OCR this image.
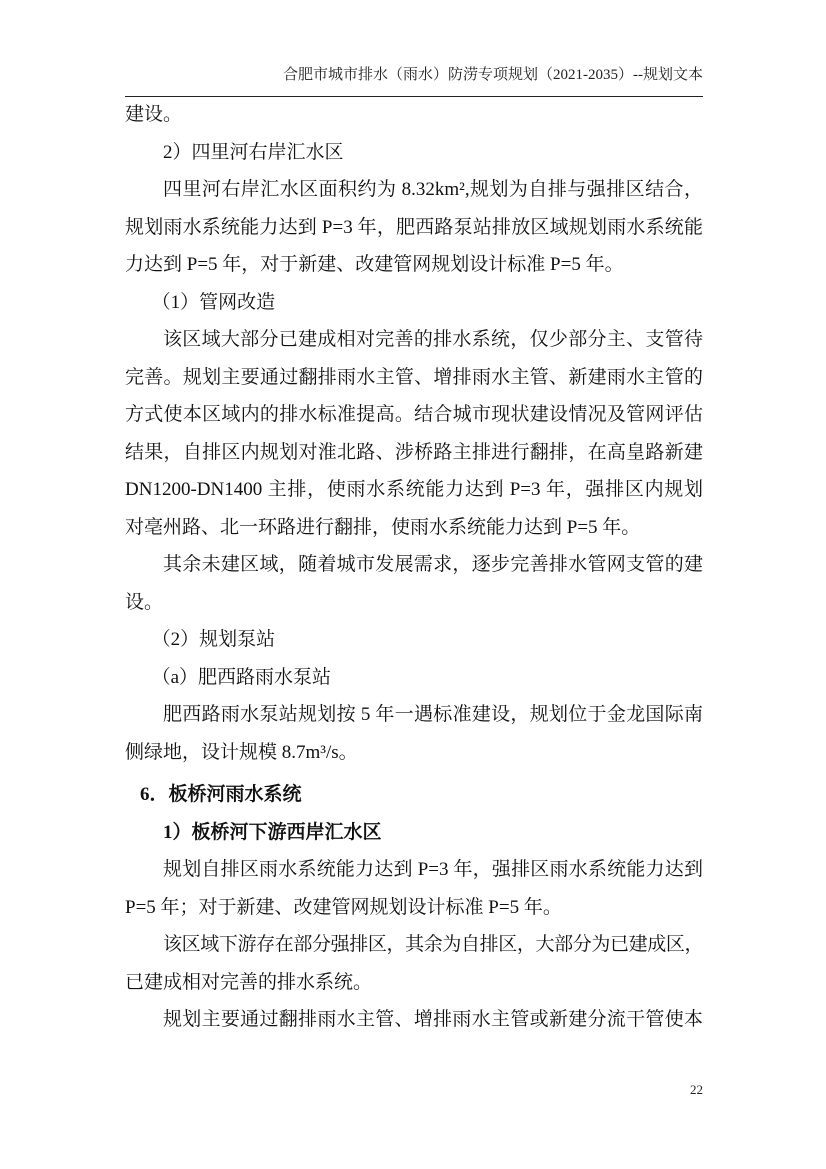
合肥市城市排水（雨水）防涝专项规划（2021-2035）--规划文本
建设。
2）四里河右岸汇水区
四里河右岸汇水区面积约为 8.32km²,规划为自排与强排区结合，
规划雨水系统能力达到 P=3 年，肥西路泵站排放区域规划雨水系统能
力达到 P=5 年，对于新建、改建管网规划设计标准 P=5 年。
（1）管网改造
该区域大部分已建成相对完善的排水系统，仅少部分主、支管待
完善。规划主要通过翻排雨水主管、增排雨水主管、新建雨水主管的
方式使本区域内的排水标准提高。结合城市现状建设情况及管网评估
结果，自排区内规划对淮北路、涉桥路主排进行翻排，在高皇路新建
DN1200-DN1400 主排，使雨水系统能力达到 P=3 年，强排区内规划
对亳州路、北一环路进行翻排，使雨水系统能力达到 P=5 年。
其余未建区域，随着城市发展需求，逐步完善排水管网支管的建
设。
（2）规划泵站
（a）肥西路雨水泵站
肥西路雨水泵站规划按 5 年一遇标准建设，规划位于金龙国际南
侧绿地，设计规模 8.7m³/s。
6．板桥河雨水系统
1）板桥河下游西岸汇水区
规划自排区雨水系统能力达到 P=3 年，强排区雨水系统能力达到
P=5 年；对于新建、改建管网规划设计标准 P=5 年。
该区域下游存在部分强排区，其余为自排区，大部分为已建成区，
已建成相对完善的排水系统。
规划主要通过翻排雨水主管、增排雨水主管或新建分流干管使本
22
